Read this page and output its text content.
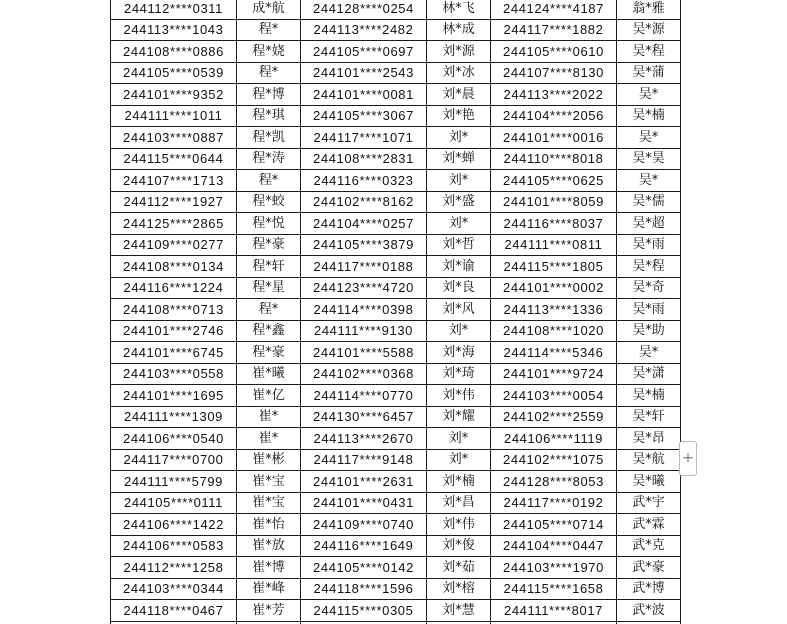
244112****0311	成*航	244128****0254	林*飞	244124****4187	翁*雅
244113****1043	程*	244113****2482	林*成	244117****1882	吴*源
244108****0886	程*娆	244105****0697	刘*源	244105****0610	吴*程
244105****0539	程*	244101****2543	刘*冰	244107****8130	吴*蒲
244101****9352	程*博	244101****0081	刘*晨	244113****2022	吴*
244111****1011	程*琪	244105****3067	刘*艳	244104****2056	吴*楠
244103****0887	程*凯	244117****1071	刘*	244101****0016	吴*
244115****0644	程*涛	244108****2831	刘*蝉	244110****8018	吴*昊
244107****1713	程*	244116****0323	刘*	244105****0625	吴*
244112****1927	程*蛟	244102****8162	刘*盛	244101****8059	吴*儒
244125****2865	程*悦	244104****0257	刘*	244116****8037	吴*超
244109****0277	程*豪	244105****3879	刘*哲	244111****0811	吴*雨
244108****0134	程*轩	244117****0188	刘*谕	244115****1805	吴*程
244116****1224	程*星	244123****4720	刘*良	244101****0002	吴*奇
244108****0713	程*	244114****0398	刘*风	244113****1336	吴*雨
244101****2746	程*鑫	244111****9130	刘*	244108****1020	吴*助
244101****6745	程*豪	244101****5588	刘*海	244114****5346	吴*
244103****0558	崔*曦	244102****0368	刘*琦	244101****9724	吴*潇
244101****1695	崔*亿	244114****0770	刘*伟	244103****0054	吴*楠
244111****1309	崔*	244130****6457	刘*耀	244102****2559	吴*轩
244106****0540	崔*	244113****2670	刘*	244106****1119	吴*昂
244117****0700	崔*彬	244117****9148	刘*	244102****1075	吴*航
244111****5799	崔*宝	244101****2631	刘*楠	244128****8053	吴*曦
244105****0111	崔*宝	244101****0431	刘*昌	244117****0192	武*宇
244106****1422	崔*怡	244109****0740	刘*伟	244105****0714	武*霖
244106****0583	崔*放	244116****1649	刘*俊	244104****0447	武*克
244112****1258	崔*博	244105****0142	刘*茹	244103****1970	武*豪
244103****0344	崔*峰	244118****1596	刘*榕	244115****1658	武*博
244118****0467	崔*芳	244115****0305	刘*慧	244111****8017	武*波

+
